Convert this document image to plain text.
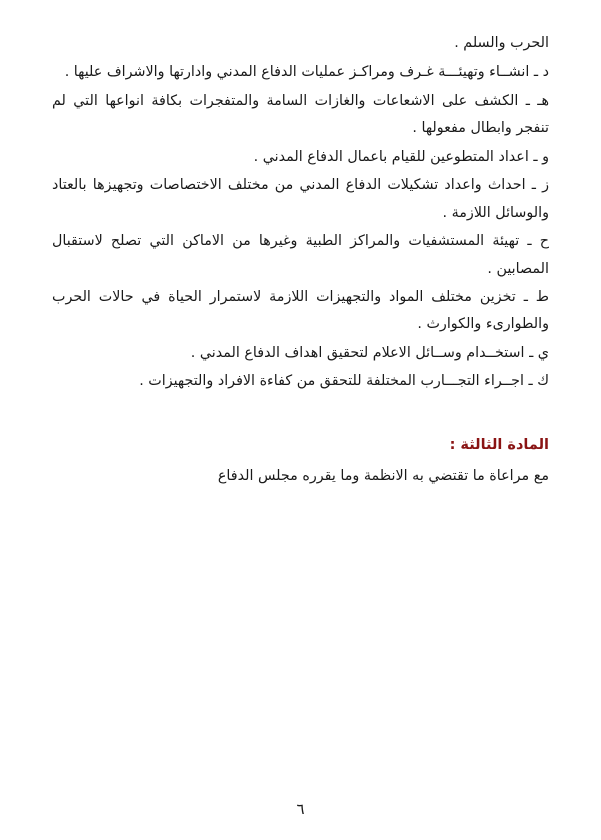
الحرب والسلم .

د ـ انشــاء وتهيئـــة غـرف ومراكـز عمليات الدفاع المدني وادارتها والاشراف عليها .

هـ ـ الكشف على الاشعاعات والغازات السامة والمتفجرات بكافة انواعها التي لم تنفجر وابطال مفعولها .

و ـ اعداد المتطوعين للقيام باعمال الدفاع المدني .

ز ـ احداث واعداد تشكيلات الدفاع المدني من مختلف الاختصاصات وتجهيزها بالعتاد والوسائل اللازمة .

ح ـ تهيئة المستشفيات والمراكز الطبية وغيرها من الاماكن التي تصلح لاستقبال المصابين .

ط ـ تخزين مختلف المواد والتجهيزات اللازمة لاستمرار الحياة في حالات الحرب والطوارىء والكوارث .

ي ـ استخــدام وســائل الاعلام لتحقيق اهداف الدفاع المدني .

ك ـ اجــراء التجـــارب المختلفة للتحقق من كفاءة الافراد والتجهيزات .

المادة الثالثة :
مع مراعاة ما تقتضي به الانظمة وما يقرره مجلس الدفاع
٦
